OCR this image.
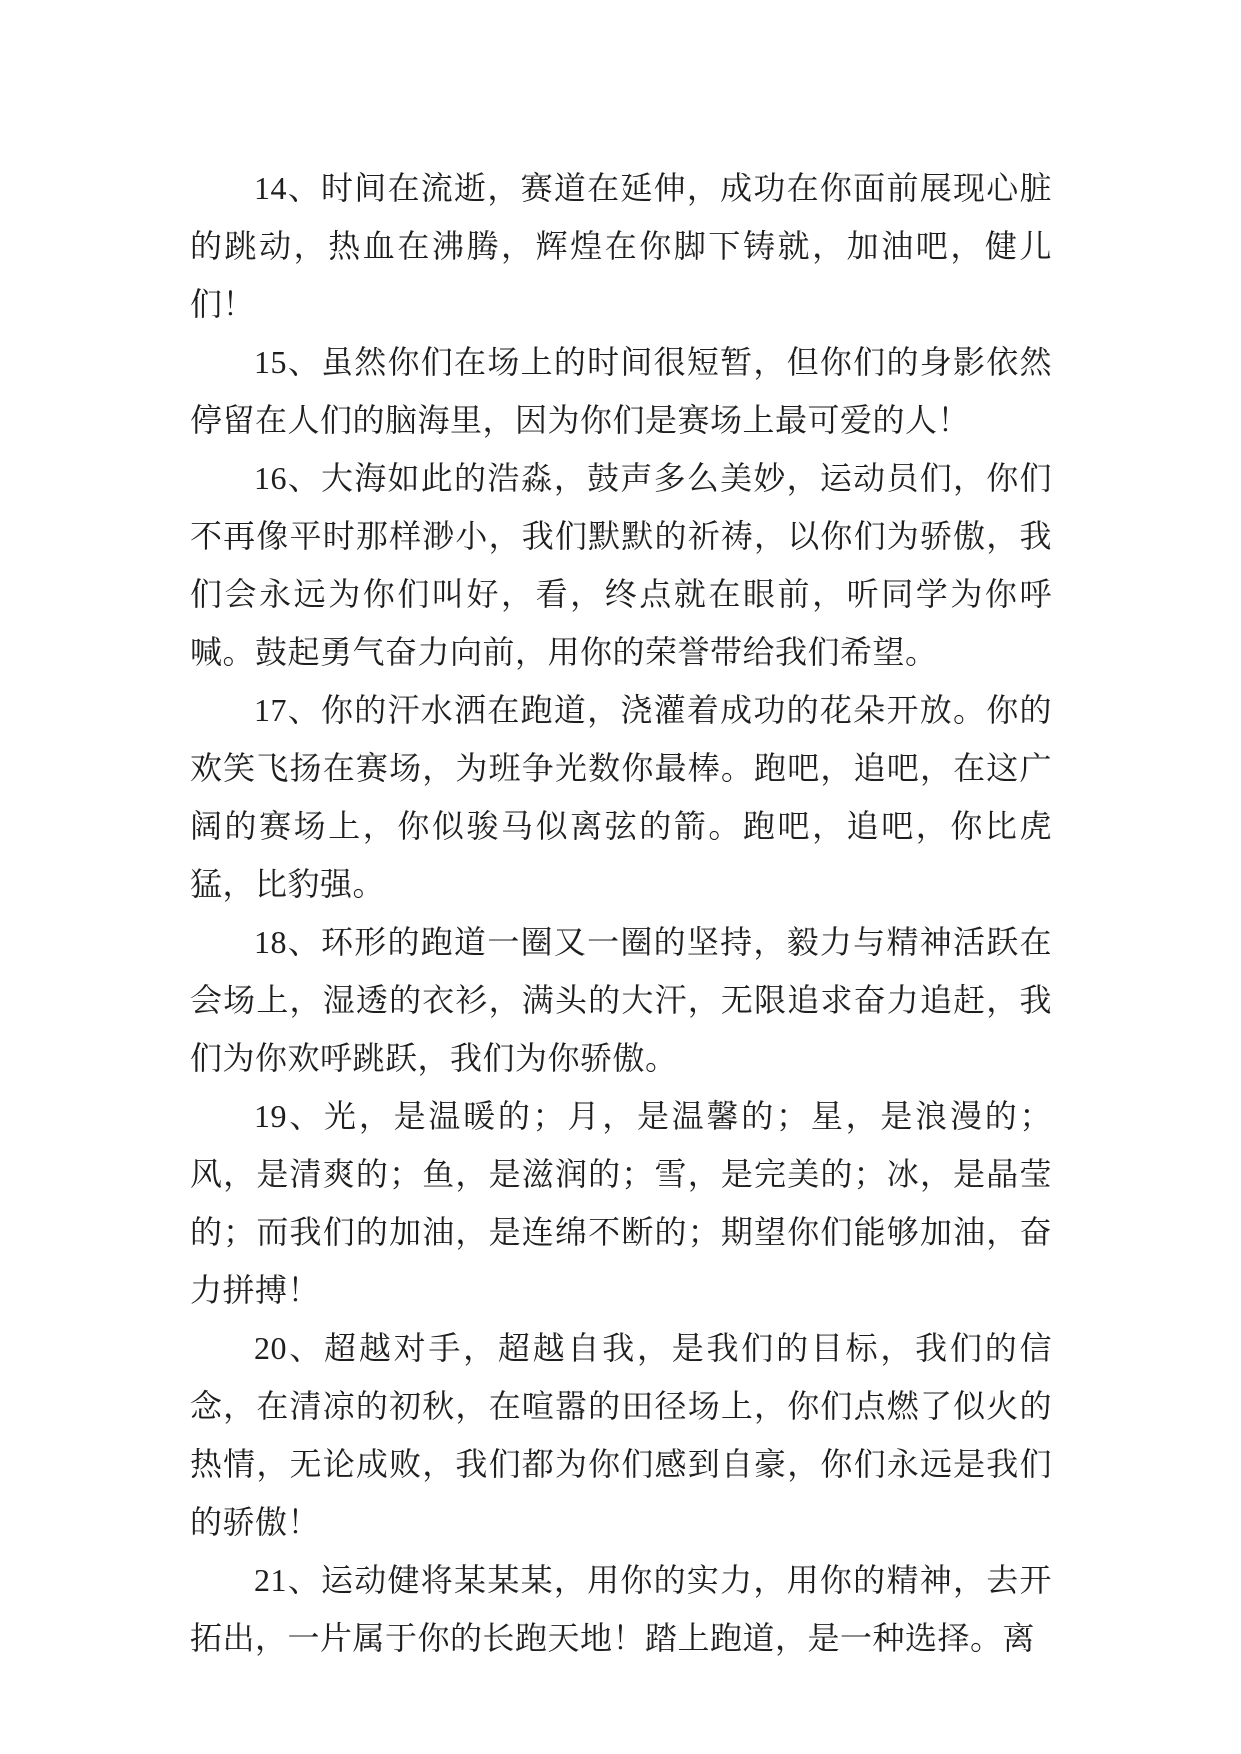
14、时间在流逝，赛道在延伸，成功在你面前展现心脏的跳动，热血在沸腾，辉煌在你脚下铸就，加油吧，健儿们！

15、虽然你们在场上的时间很短暂，但你们的身影依然停留在人们的脑海里，因为你们是赛场上最可爱的人！

16、大海如此的浩淼，鼓声多么美妙，运动员们，你们不再像平时那样渺小，我们默默的祈祷，以你们为骄傲，我们会永远为你们叫好，看，终点就在眼前，听同学为你呼喊。鼓起勇气奋力向前，用你的荣誉带给我们希望。

17、你的汗水洒在跑道，浇灌着成功的花朵开放。你的欢笑飞扬在赛场，为班争光数你最棒。跑吧，追吧，在这广阔的赛场上，你似骏马似离弦的箭。跑吧，追吧，你比虎猛，比豹强。

18、环形的跑道一圈又一圈的坚持，毅力与精神活跃在会场上，湿透的衣衫，满头的大汗，无限追求奋力追赶，我们为你欢呼跳跃，我们为你骄傲。

19、光，是温暖的；月，是温馨的；星，是浪漫的；风，是清爽的；鱼，是滋润的；雪，是完美的；冰，是晶莹的；而我们的加油，是连绵不断的；期望你们能够加油，奋力拼搏！

20、超越对手，超越自我，是我们的目标，我们的信念，在清凉的初秋，在喧嚣的田径场上，你们点燃了似火的热情，无论成败，我们都为你们感到自豪，你们永远是我们的骄傲！

21、运动健将某某某，用你的实力，用你的精神，去开拓出，一片属于你的长跑天地！踏上跑道，是一种选择。离
